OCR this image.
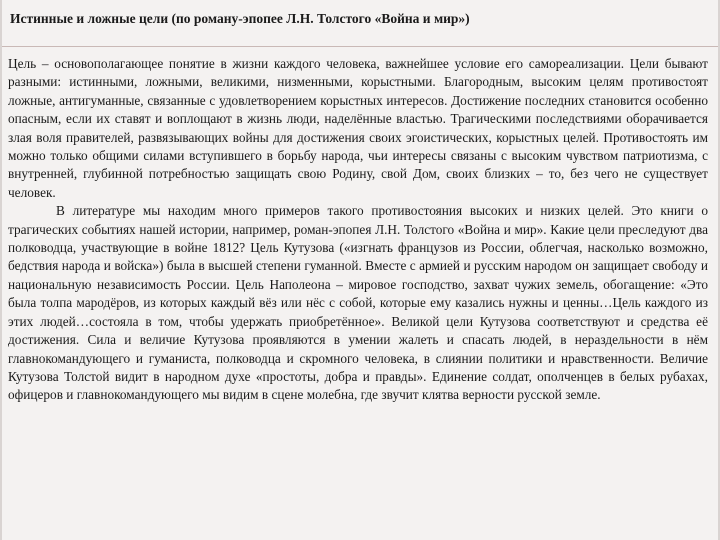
Истинные и ложные цели (по роману-эпопее Л.Н. Толстого «Война и мир»)

Цель – основополагающее понятие в жизни каждого человека, важнейшее условие его самореализации. Цели бывают разными: истинными, ложными, великими, низменными, корыстными. Благородным, высоким целям противостоят ложные, антигуманные, связанные с удовлетворением корыстных интересов. Достижение последних становится особенно опасным, если их ставят и воплощают в жизнь люди, наделённые властью. Трагическими последствиями оборачивается злая воля правителей, развязывающих войны для достижения своих эгоистических, корыстных целей. Противостоять им можно только общими силами вступившего в борьбу народа, чьи интересы связаны с высоким чувством патриотизма, с внутренней, глубинной потребностью защищать свою Родину, свой Дом, своих близких – то, без чего не существует человек.

В литературе мы находим много примеров такого противостояния высоких и низких целей. Это книги о трагических событиях нашей истории, например, роман-эпопея Л.Н. Толстого «Война и мир». Какие цели преследуют два полководца, участвующие в войне 1812? Цель Кутузова («изгнать французов из России, облегчая, насколько возможно, бедствия народа и войска») была в высшей степени гуманной. Вместе с армией и русским народом он защищает свободу и национальную независимость России. Цель Наполеона – мировое господство, захват чужих земель, обогащение: «Это была толпа мародёров, из которых каждый вёз или нёс с собой, которые ему казались нужны и ценны…Цель каждого из этих людей…состояла в том, чтобы удержать приобретённое». Великой цели Кутузова соответствуют и средства её достижения. Сила и величие Кутузова проявляются в умении жалеть и спасать людей, в нераздельности в нём главнокомандующего и гуманиста, полководца и скромного человека, в слиянии политики и нравственности. Величие Кутузова Толстой видит в народном духе «простоты, добра и правды». Единение солдат, ополченцев в белых рубахах, офицеров и главнокомандующего мы видим в сцене молебна, где звучит клятва верности русской земле.
